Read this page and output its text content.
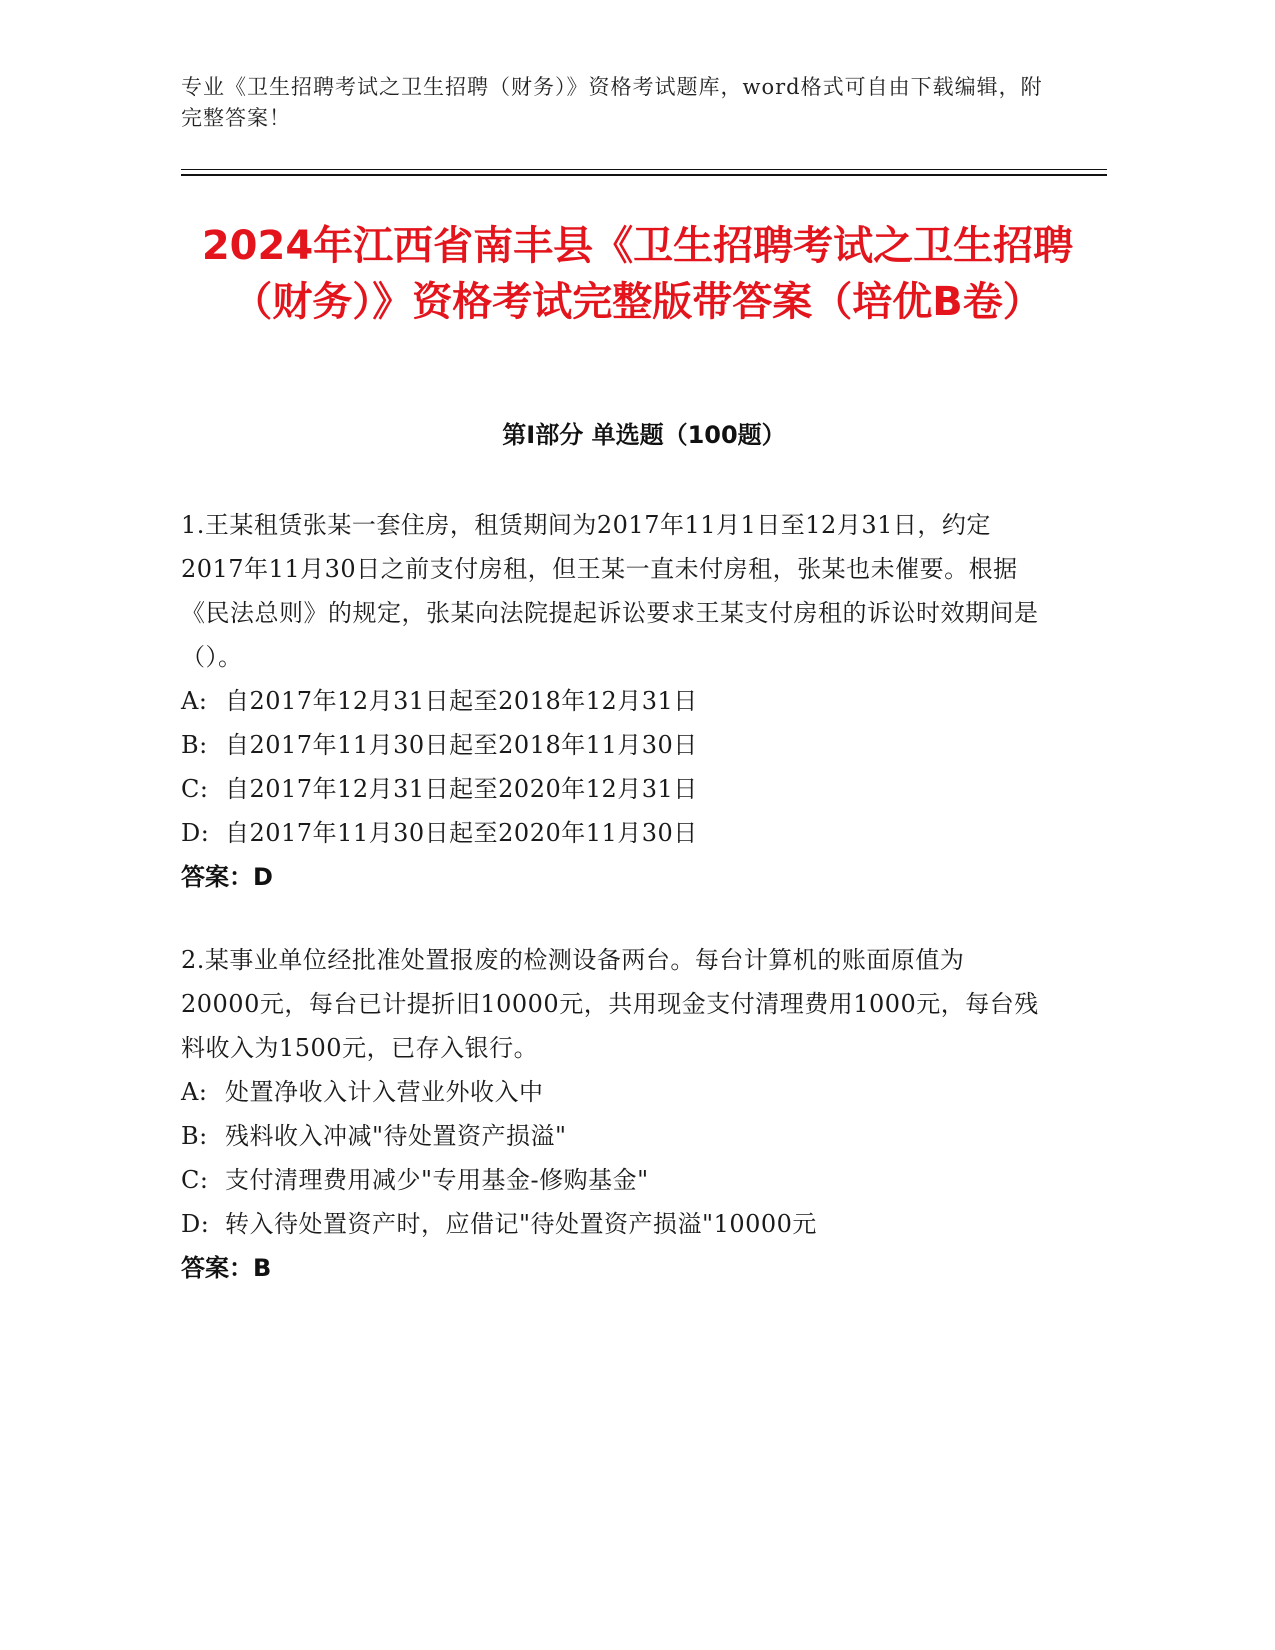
专业《卫生招聘考试之卫生招聘（财务）》资格考试题库，word格式可自由下载编辑，附完整答案！
2024年江西省南丰县《卫生招聘考试之卫生招聘（财务）》资格考试完整版带答案（培优B卷）
第I部分 单选题（100题）
1.王某租赁张某一套住房，租赁期间为2017年11月1日至12月31日，约定2017年11月30日之前支付房租，但王某一直未付房租，张某也未催要。根据《民法总则》的规定，张某向法院提起诉讼要求王某支付房租的诉讼时效期间是（）。
A: 自2017年12月31日起至2018年12月31日
B: 自2017年11月30日起至2018年11月30日
C: 自2017年12月31日起至2020年12月31日
D: 自2017年11月30日起至2020年11月30日
答案：D
2.某事业单位经批准处置报废的检测设备两台。每台计算机的账面原值为20000元，每台已计提折旧10000元，共用现金支付清理费用1000元，每台残料收入为1500元，已存入银行。
A: 处置净收入计入营业外收入中
B: 残料收入冲减"待处置资产损溢"
C: 支付清理费用减少"专用基金-修购基金"
D: 转入待处置资产时，应借记"待处置资产损溢"10000元
答案：B
